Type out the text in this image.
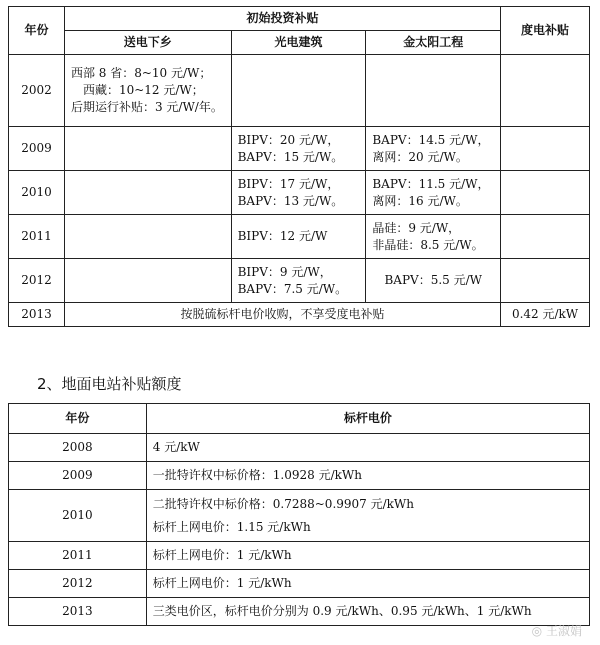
年份	初始投资补贴			度电补贴
	送电下乡	光电建筑	金太阳工程	
2002	西部 8 省：8~10 元/W；
西藏：10~12 元/W；
后期运行补贴：3 元/W/年。			

2009		BIPV：20 元/W，
BAPV：15 元/W。	BAPV：14.5 元/W，
离网：20 元/W。	

2010		BIPV：17 元/W，
BAPV：13 元/W。	BAPV：11.5 元/W，
离网：16 元/W。	

2011		BIPV：12 元/W	晶硅：9 元/W，
非晶硅：8.5 元/W。	

2012		BIPV：9 元/W，
BAPV：7.5 元/W。	BAPV：5.5 元/W	

2013	按脱硫标杆电价收购，不享受度电补贴			0.42 元/kW
2、地面电站补贴额度
年份	标杆电价
2008	4 元/kW

2009	一批特许权中标价格：1.0928 元/kWh

2010	二批特许权中标价格：0.7288~0.9907 元/kWh
标杆上网电价：1.15 元/kWh

2011	标杆上网电价：1 元/kWh

2012	标杆上网电价：1 元/kWh

2013	三类电价区，标杆电价分别为 0.9 元/kWh、0.95 元/kWh、1 元/kWh
◎ 王淑娟
